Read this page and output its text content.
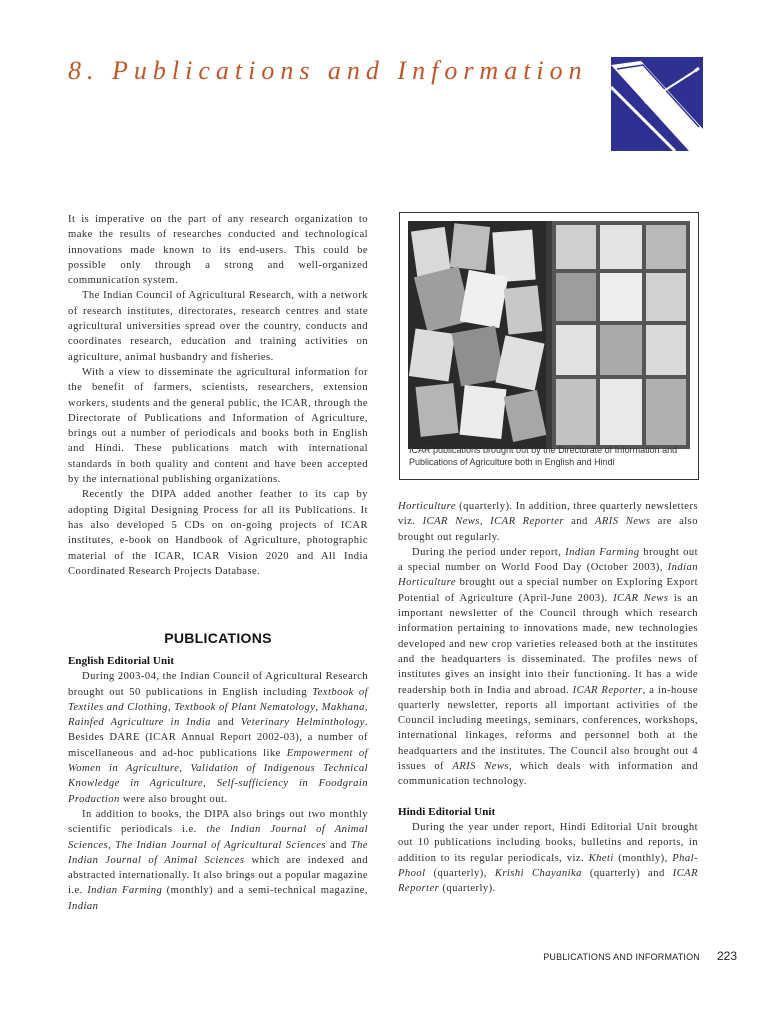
8. Publications and Information

It is imperative on the part of any research organization to make the results of researches conducted and technological innovations made known to its end-users. This could be possible only through a strong and well-organized communication system.

The Indian Council of Agricultural Research, with a network of research institutes, directorates, research centres and state agricultural universities spread over the country, conducts and coordinates research, education and training activities on agriculture, animal husbandry and fisheries.

With a view to disseminate the agricultural information for the benefit of farmers, scientists, researchers, extension workers, students and the general public, the ICAR, through the Directorate of Publications and Information of Agriculture, brings out a number of periodicals and books both in English and Hindi. These publications match with international standards in both quality and content and have been accepted by the international publishing organizations.

Recently the DIPA added another feather to its cap by adopting Digital Designing Process for all its Publications. It has also developed 5 CDs on on-going projects of ICAR institutes, e-book on Handbook of Agriculture, photographic material of the ICAR, ICAR Vision 2020 and All India Coordinated Research Projects Database.

PUBLICATIONS
English Editorial Unit

During 2003-04, the Indian Council of Agricultural Research brought out 50 publications in English including Textbook of Textiles and Clothing, Textbook of Plant Nematology, Makhana, Rainfed Agriculture in India and Veterinary Helminthology. Besides DARE (ICAR Annual Report 2002-03), a number of miscellaneous and ad-hoc publications like Empowerment of Women in Agriculture, Validation of Indigenous Technical Knowledge in Agriculture, Self-sufficiency in Foodgrain Production were also brought out.

In addition to books, the DIPA also brings out two monthly scientific periodicals i.e. the Indian Journal of Animal Sciences, The Indian Journal of Agricultural Sciences and The Indian Journal of Animal Sciences which are indexed and abstracted internationally. It also brings out a popular magazine i.e. Indian Farming (monthly) and a semi-technical magazine, Indian

ICAR publications brought out by the Directorate of Information and Publications of Agriculture both in English and Hindi

Horticulture (quarterly). In addition, three quarterly newsletters viz. ICAR News, ICAR Reporter and ARIS News are also brought out regularly.

During the period under report, Indian Farming brought out a special number on World Food Day (October 2003), Indian Horticulture brought out a special number on Exploring Export Potential of Agriculture (April-June 2003). ICAR News is an important newsletter of the Council through which research information pertaining to innovations made, new technologies developed and new crop varieties released both at the institutes and the headquarters is disseminated. The profiles news of institutes gives an insight into their functioning. It has a wide readership both in India and abroad. ICAR Reporter, a in-house quarterly newsletter, reports all important activities of the Council including meetings, seminars, conferences, workshops, international linkages, reforms and personnel both at the headquarters and the institutes. The Council also brought out 4 issues of ARIS News, which deals with information and communication technology.

Hindi Editorial Unit

During the year under report, Hindi Editorial Unit brought out 10 publications including books, bulletins and reports, in addition to its regular periodicals, viz. Kheti (monthly), Phal-Phool (quarterly), Krishi Chayanika (quarterly) and ICAR Reporter (quarterly).

PUBLICATIONS AND INFORMATION 223
